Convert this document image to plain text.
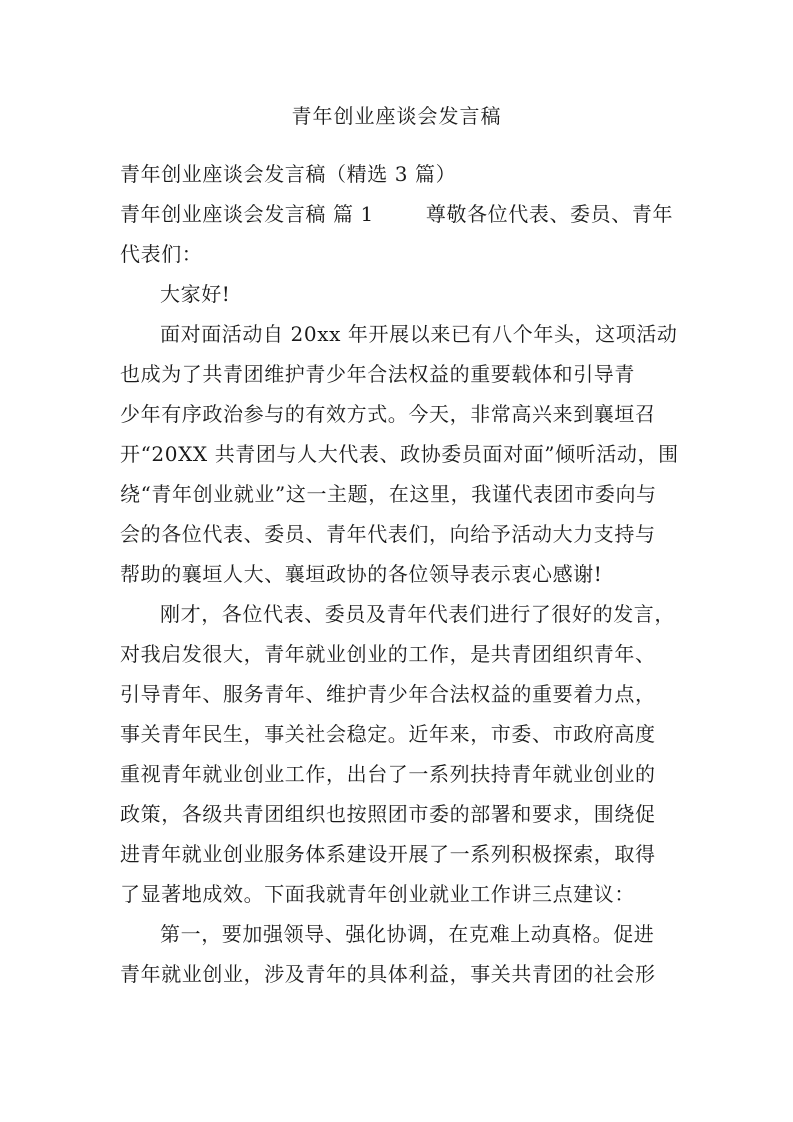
青年创业座谈会发言稿
青年创业座谈会发言稿（精选 3 篇）
青年创业座谈会发言稿 篇 1	尊敬各位代表、委员、青年
代表们：
大家好!
面对面活动自 20xx 年开展以来已有八个年头，这项活动
也成为了共青团维护青少年合法权益的重要载体和引导青
少年有序政治参与的有效方式。今天，非常高兴来到襄垣召
开“20XX 共青团与人大代表、政协委员面对面”倾听活动，围
绕“青年创业就业”这一主题，在这里，我谨代表团市委向与
会的各位代表、委员、青年代表们，向给予活动大力支持与
帮助的襄垣人大、襄垣政协的各位领导表示衷心感谢!
刚才，各位代表、委员及青年代表们进行了很好的发言，
对我启发很大，青年就业创业的工作，是共青团组织青年、
引导青年、服务青年、维护青少年合法权益的重要着力点，
事关青年民生，事关社会稳定。近年来，市委、市政府高度
重视青年就业创业工作，出台了一系列扶持青年就业创业的
政策，各级共青团组织也按照团市委的部署和要求，围绕促
进青年就业创业服务体系建设开展了一系列积极探索，取得
了显著地成效。下面我就青年创业就业工作讲三点建议：
第一，要加强领导、强化协调，在克难上动真格。促进
青年就业创业，涉及青年的具体利益，事关共青团的社会形
